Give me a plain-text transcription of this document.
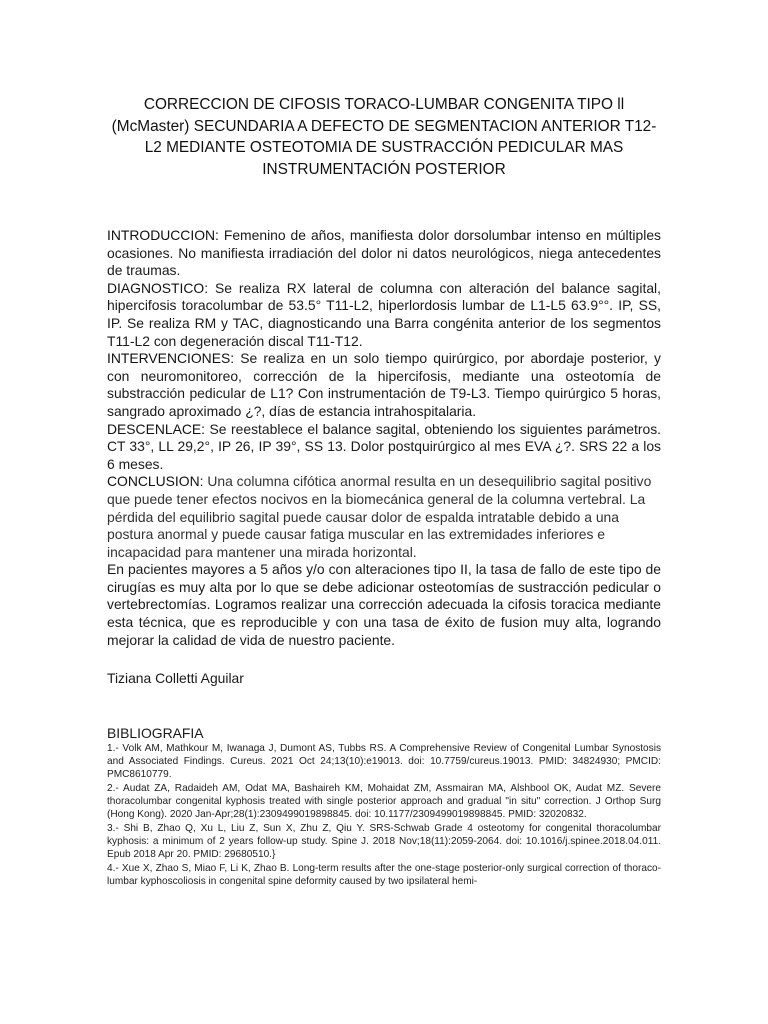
CORRECCION DE CIFOSIS TORACO-LUMBAR CONGENITA TIPO ll (McMaster) SECUNDARIA A DEFECTO DE SEGMENTACION ANTERIOR T12-L2 MEDIANTE OSTEOTOMIA DE SUSTRACCIÓN PEDICULAR MAS INSTRUMENTACIÓN POSTERIOR

INTRODUCCION: Femenino de años, manifiesta dolor dorsolumbar intenso en múltiples ocasiones. No manifiesta irradiación del dolor ni datos neurológicos, niega antecedentes de traumas.

DIAGNOSTICO: Se realiza RX lateral de columna con alteración del balance sagital, hipercifosis toracolumbar de 53.5° T11-L2, hiperlordosis lumbar de L1-L5 63.9°°. IP, SS, IP. Se realiza RM y TAC, diagnosticando una Barra congénita anterior de los segmentos T11-L2 con degeneración discal T11-T12.

INTERVENCIONES: Se realiza en un solo tiempo quirúrgico, por abordaje posterior, y con neuromonitoreo, corrección de la hipercifosis, mediante una osteotomía de substracción pedicular de L1? Con instrumentación de T9-L3. Tiempo quirúrgico 5 horas, sangrado aproximado ¿?, días de estancia intrahospitalaria.

DESCENLACE: Se reestablece el balance sagital, obteniendo los siguientes parámetros. CT 33°, LL 29,2°, IP 26, IP 39°, SS 13. Dolor postquirúrgico al mes EVA ¿?. SRS 22 a los 6 meses.

CONCLUSION: Una columna cifótica anormal resulta en un desequilibrio sagital positivo que puede tener efectos nocivos en la biomecánica general de la columna vertebral. La pérdida del equilibrio sagital puede causar dolor de espalda intratable debido a una postura anormal y puede causar fatiga muscular en las extremidades inferiores e incapacidad para mantener una mirada horizontal.

En pacientes mayores a 5 años y/o con alteraciones tipo II, la tasa de fallo de este tipo de cirugías es muy alta por lo que se debe adicionar osteotomías de sustracción pedicular o vertebrectomías. Logramos realizar una corrección adecuada la cifosis toracica mediante esta técnica, que es reproducible y con una tasa de éxito de fusion muy alta, logrando mejorar la calidad de vida de nuestro paciente.

Tiziana Colletti Aguilar
BIBLIOGRAFIA

1.- Volk AM, Mathkour M, Iwanaga J, Dumont AS, Tubbs RS. A Comprehensive Review of Congenital Lumbar Synostosis and Associated Findings. Cureus. 2021 Oct 24;13(10):e19013. doi: 10.7759/cureus.19013. PMID: 34824930; PMCID: PMC8610779.

2.- Audat ZA, Radaideh AM, Odat MA, Bashaireh KM, Mohaidat ZM, Assmairan MA, Alshbool OK, Audat MZ. Severe thoracolumbar congenital kyphosis treated with single posterior approach and gradual "in situ" correction. J Orthop Surg (Hong Kong). 2020 Jan-Apr;28(1):2309499019898845. doi: 10.1177/2309499019898845. PMID: 32020832.

3.- Shi B, Zhao Q, Xu L, Liu Z, Sun X, Zhu Z, Qiu Y. SRS-Schwab Grade 4 osteotomy for congenital thoracolumbar kyphosis: a minimum of 2 years follow-up study. Spine J. 2018 Nov;18(11):2059-2064. doi: 10.1016/j.spinee.2018.04.011. Epub 2018 Apr 20. PMID: 29680510.}

4.- Xue X, Zhao S, Miao F, Li K, Zhao B. Long-term results after the one-stage posterior-only surgical correction of thoraco-lumbar kyphoscoliosis in congenital spine deformity caused by two ipsilateral hemi-
